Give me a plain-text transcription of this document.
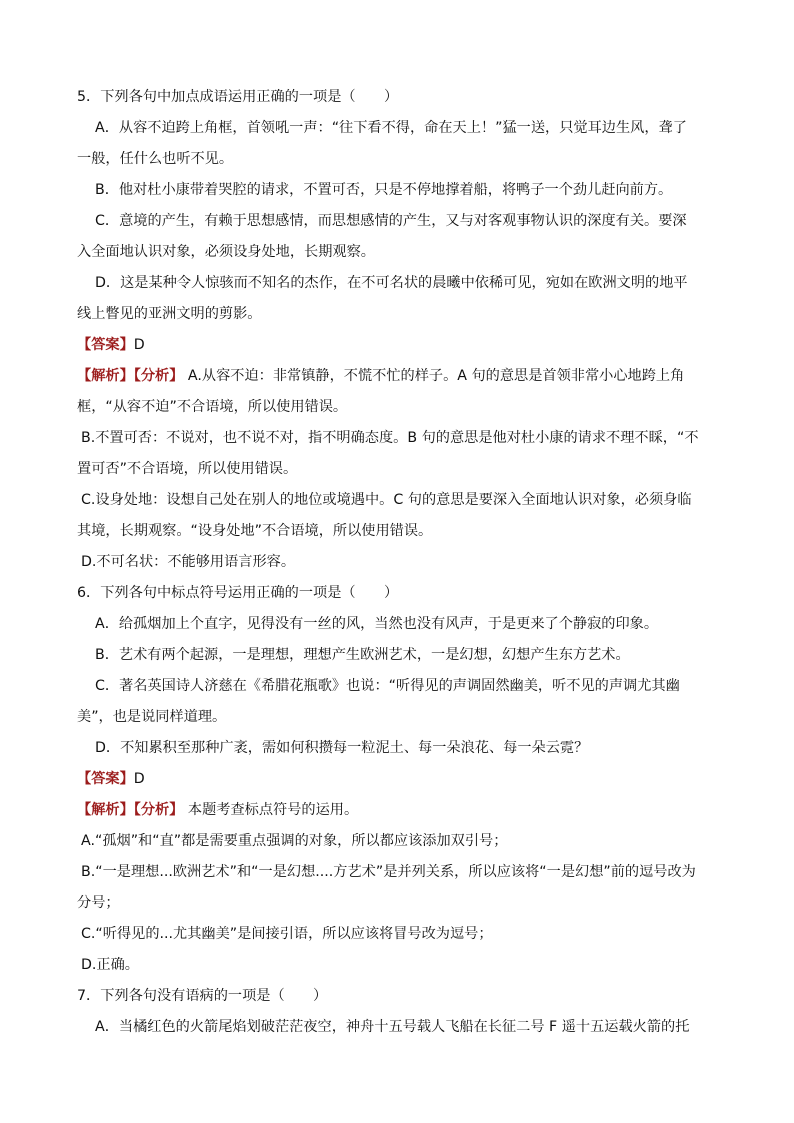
5．下列各句中加点成语运用正确的一项是（　　）
A．从容不迫跨上角框，首领吼一声：“往下看不得，命在天上！”猛一送，只觉耳边生风，聋了
一般，任什么也听不见。
B．他对杜小康带着哭腔的请求，不置可否，只是不停地撑着船，将鸭子一个劲儿赶向前方。
C．意境的产生，有赖于思想感情，而思想感情的产生，又与对客观事物认识的深度有关。要深
入全面地认识对象，必须设身处地，长期观察。
D．这是某种令人惊骇而不知名的杰作，在不可名状的晨曦中依稀可见，宛如在欧洲文明的地平
线上瞥见的亚洲文明的剪影。
【答案】D
【解析】【分析】 A.从容不迫：非常镇静，不慌不忙的样子。A 句的意思是首领非常小心地跨上角
框，“从容不迫”不合语境，所以使用错误。
B.不置可否：不说对，也不说不对，指不明确态度。B 句的意思是他对杜小康的请求不理不睬，“不
置可否”不合语境，所以使用错误。
C.设身处地：设想自己处在别人的地位或境遇中。C 句的意思是要深入全面地认识对象，必须身临
其境，长期观察。“设身处地”不合语境，所以使用错误。
D.不可名状：不能够用语言形容。
6．下列各句中标点符号运用正确的一项是（　　）
A．给孤烟加上个直字，见得没有一丝的风，当然也没有风声，于是更来了个静寂的印象。
B．艺术有两个起源，一是理想，理想产生欧洲艺术，一是幻想，幻想产生东方艺术。
C．著名英国诗人济慈在《希腊花瓶歌》也说：“听得见的声调固然幽美，听不见的声调尤其幽
美”，也是说同样道理。
D．不知累积至那种广袤，需如何积攒每一粒泥土、每一朵浪花、每一朵云霓？
【答案】D
【解析】【分析】 本题考查标点符号的运用。
A.“孤烟”和“直”都是需要重点强调的对象，所以都应该添加双引号；
B.“一是理想...欧洲艺术”和“一是幻想....方艺术”是并列关系，所以应该将“一是幻想”前的逗号改为
分号；
C.“听得见的...尤其幽美”是间接引语，所以应该将冒号改为逗号；
D.正确。
7．下列各句没有语病的一项是（　　）
A．当橘红色的火箭尾焰划破茫茫夜空，神舟十五号载人飞船在长征二号 F 遥十五运载火箭的托
